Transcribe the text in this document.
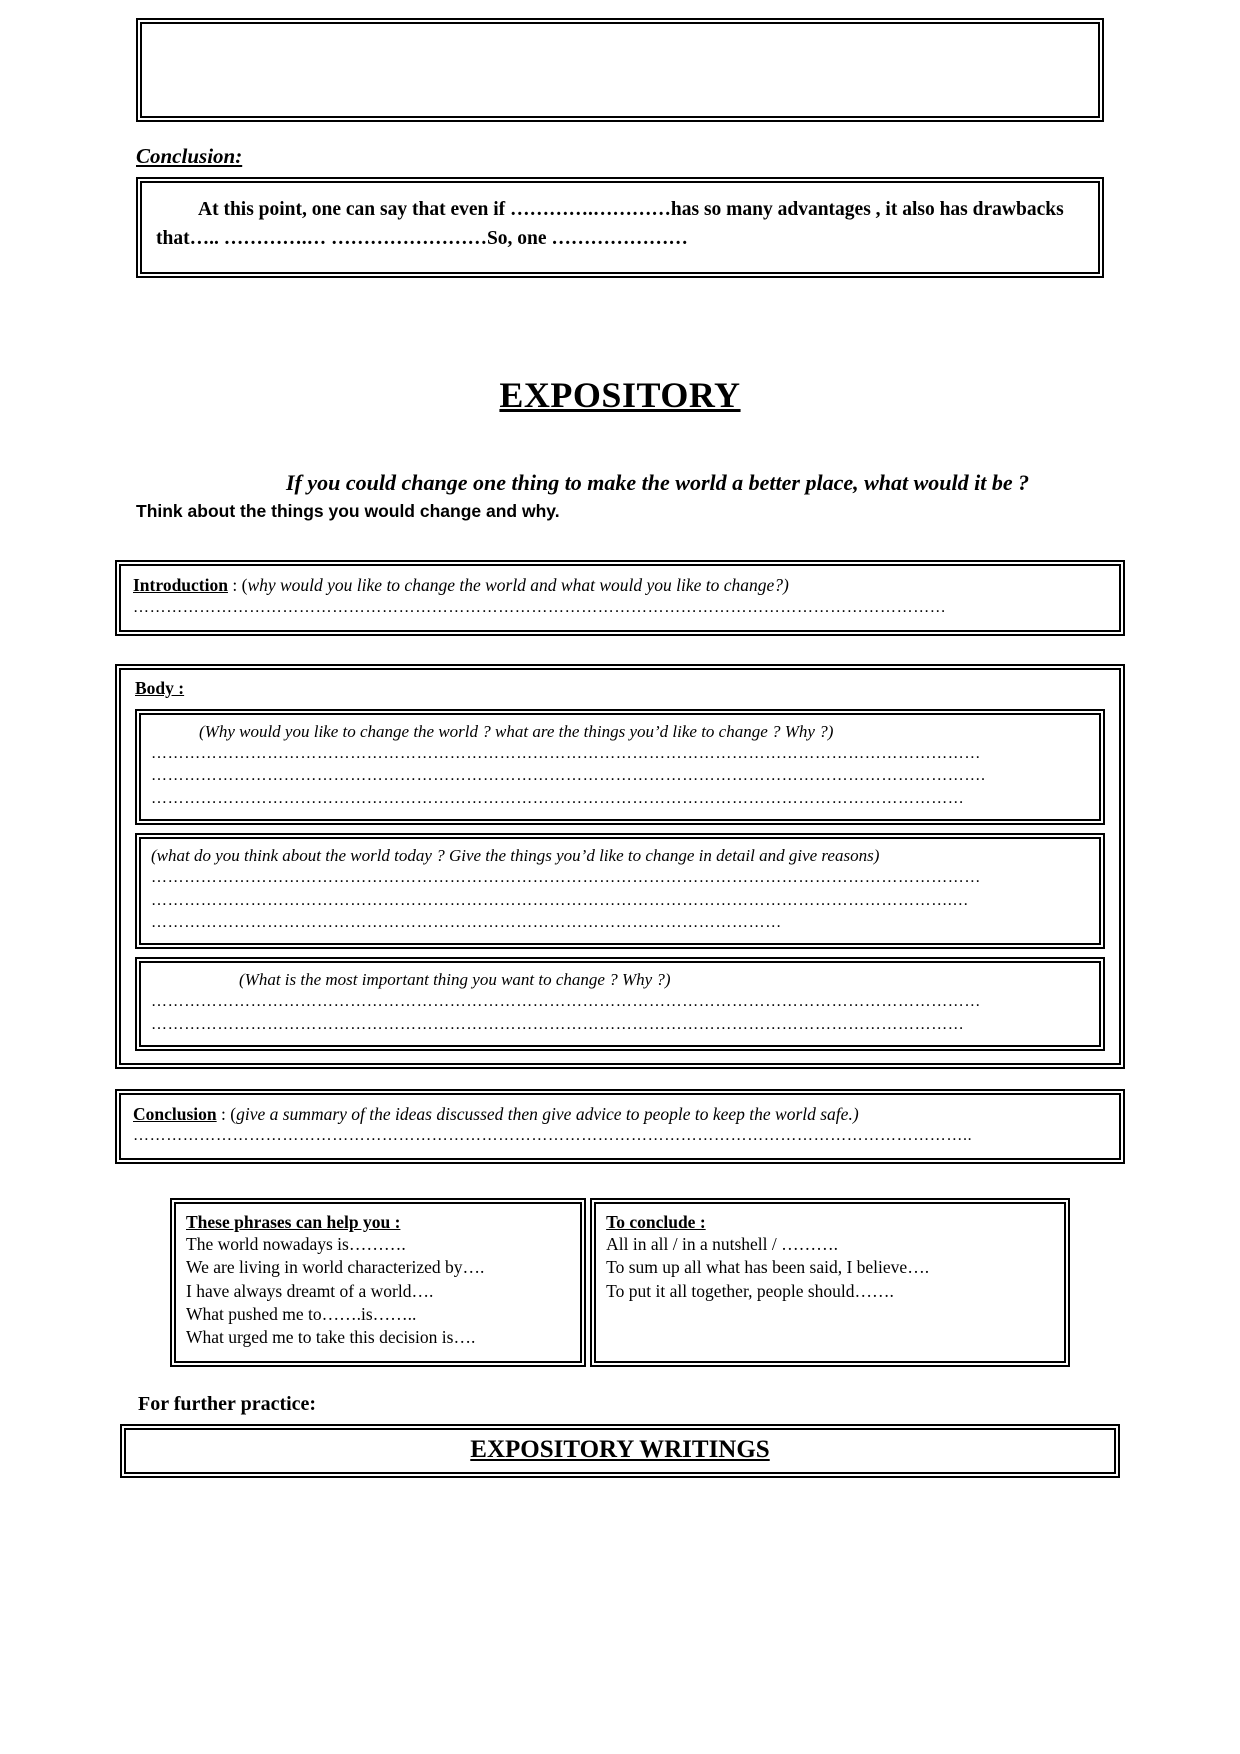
Conclusion:
At this point, one can say that even if ………….…………has so many advantages , it also has drawbacks that….. ………….… ……………………So, one …………………
EXPOSITORY
If you could change one thing to make the world a better place, what would it be ?
Think about the things you would change and why.
Introduction : (why would you like to change the world and what would you like to change?)
…………………………………………………………………………………………………………………………………
Body :
(Why would you like to change the world ? what are the things you’d like to change ? Why ?)
……………………………………………………………………………………………………………………………………
…………………………………………………………………………………………………………………………………….
…………………………………………………………………………………………………………………………………
(what do you think about the world today ? Give the things you’d like to change in detail and give reasons)
……………………………………………………………………………………………………………………………………
……………………………………………………………………………………………………………………………….…
……………………………………………………………………………………………………
(What is the most important thing you want to change ? Why ?)
……………………………………………………………………………………………………………………………………
…………………………………………………………………………………………………………………………………
Conclusion : (give a summary of the ideas discussed then give advice to people to keep the world safe.)
……………………………………………………………………………………………………………………………………..
These phrases can help you :
The world nowadays is……….
We are living in world characterized by….
I have always dreamt of a world….
What pushed me to…….is……..
What urged me to take this decision is….
To conclude :
All in all / in a nutshell / ……….
To sum up all what has been said, I believe….
To put it all together, people should…….
For further practice:
EXPOSITORY WRITINGS
